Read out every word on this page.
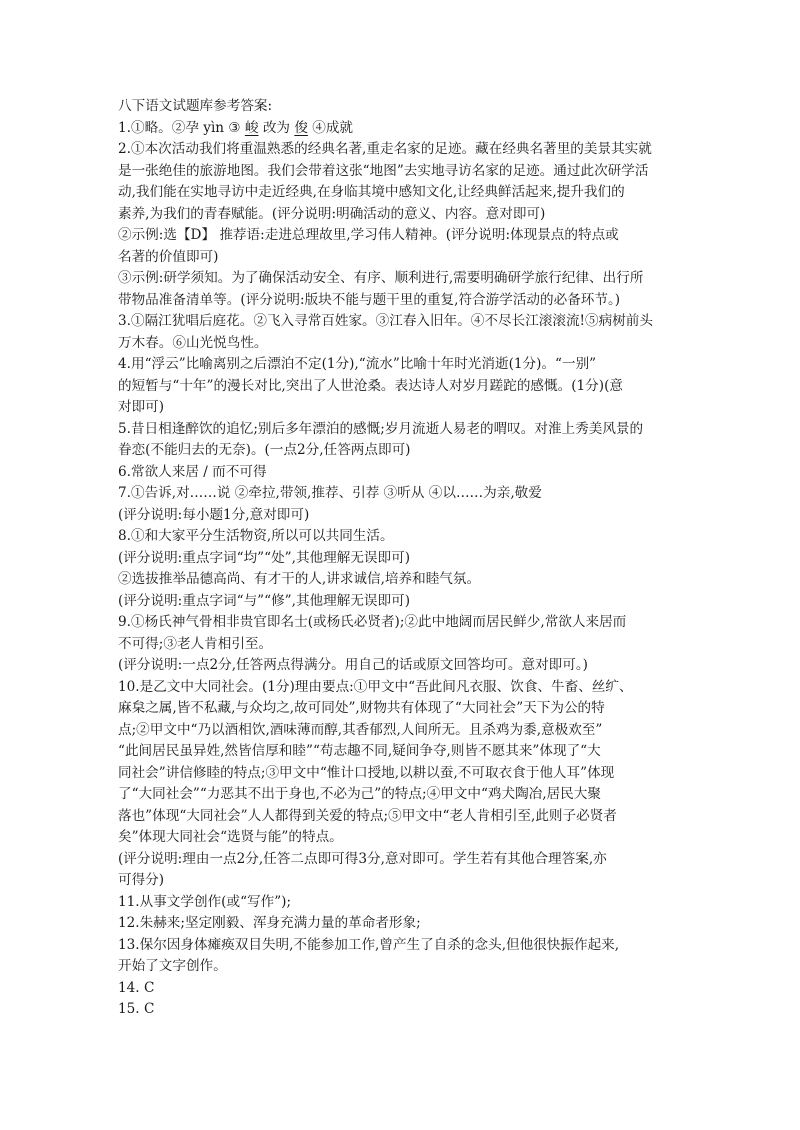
八下语文试题库参考答案:
1.①略。②孕 yìn ③ 峻 改为 俊 ④成就
2.①本次活动我们将重温熟悉的经典名著,重走名家的足迹。藏在经典名著里的美景其实就
是一张绝佳的旅游地图。我们会带着这张“地图”去实地寻访名家的足迹。通过此次研学活
动,我们能在实地寻访中走近经典,在身临其境中感知文化,让经典鲜活起来,提升我们的
素养,为我们的青春赋能。(评分说明:明确活动的意义、内容。意对即可)
②示例:选【D】 推荐语:走进总理故里,学习伟人精神。(评分说明:体现景点的特点或
名著的价值即可)
③示例:研学须知。为了确保活动安全、有序、顺利进行,需要明确研学旅行纪律、出行所
带物品准备清单等。(评分说明:版块不能与题干里的重复,符合游学活动的必备环节。)
3.①隔江犹唱后庭花。②飞入寻常百姓家。③江春入旧年。④不尽长江滚滚流!⑤病树前头
万木春。⑥山光悦鸟性。
4.用“浮云”比喻离别之后漂泊不定(1分),“流水”比喻十年时光消逝(1分)。“一别”
的短暂与“十年”的漫长对比,突出了人世沧桑。表达诗人对岁月蹉跎的感慨。(1分)(意
对即可)
5.昔日相逢醉饮的追忆;别后多年漂泊的感慨;岁月流逝人易老的喟叹。对淮上秀美风景的
眷恋(不能归去的无奈)。(一点2分,任答两点即可)
6.常欲人来居 / 而不可得
7.①告诉,对……说 ②牵拉,带领,推荐、引荐 ③听从 ④以……为亲,敬爱
(评分说明:每小题1分,意对即可)
8.①和大家平分生活物资,所以可以共同生活。
(评分说明:重点字词“均”“处”,其他理解无误即可)
②选拔推举品德高尚、有才干的人,讲求诚信,培养和睦气氛。
(评分说明:重点字词“与”“修”,其他理解无误即可)
9.①杨氏神气骨相非贵官即名士(或杨氏必贤者);②此中地阔而居民鲜少,常欲人来居而
不可得;③老人肯相引至。
(评分说明:一点2分,任答两点得满分。用自己的话或原文回答均可。意对即可。)
10.是乙文中大同社会。(1分)理由要点:①甲文中“吾此间凡衣服、饮食、牛畜、丝纩、
麻枲之属,皆不私藏,与众均之,故可同处”,财物共有体现了“大同社会”天下为公的特
点;②甲文中“乃以酒相饮,酒味薄而醇,其香郁烈,人间所无。且杀鸡为黍,意极欢至”
“此间居民虽异姓,然皆信厚和睦”“苟志趣不同,疑间争夺,则皆不愿其来”体现了“大
同社会”讲信修睦的特点;③甲文中“惟计口授地,以耕以蚕,不可取衣食于他人耳”体现
了“大同社会”“力恶其不出于身也,不必为己”的特点;④甲文中“鸡犬陶冶,居民大聚
落也”体现“大同社会”人人都得到关爱的特点;⑤甲文中“老人肯相引至,此则子必贤者
矣”体现大同社会“选贤与能”的特点。
(评分说明:理由一点2分,任答二点即可得3分,意对即可。学生若有其他合理答案,亦
可得分)
11.从事文学创作(或“写作”);
12.朱赫来;坚定刚毅、浑身充满力量的革命者形象;
13.保尔因身体瘫痪双目失明,不能参加工作,曾产生了自杀的念头,但他很快振作起来,
开始了文字创作。
14. C
15. C
